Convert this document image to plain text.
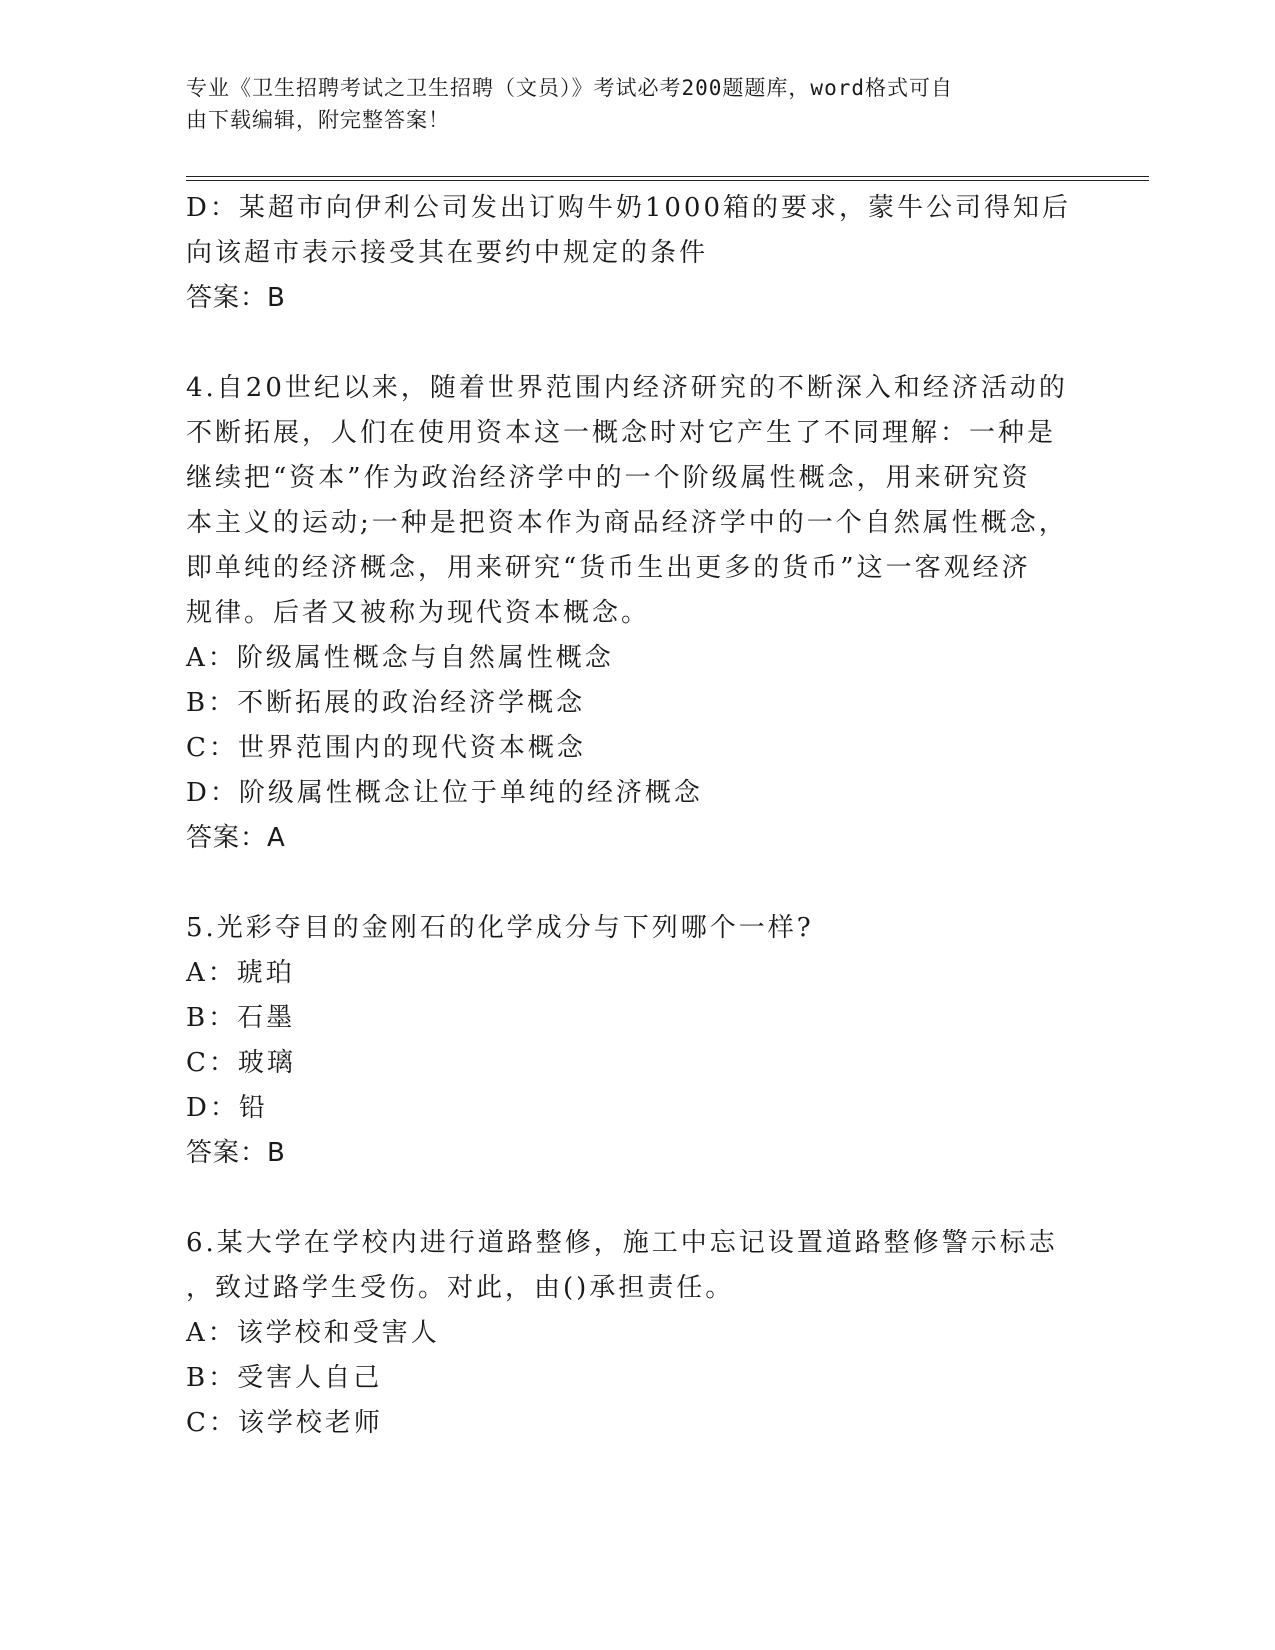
专业《卫生招聘考试之卫生招聘（文员）》考试必考200题题库，word格式可自
由下载编辑，附完整答案！
D：某超市向伊利公司发出订购牛奶1000箱的要求，蒙牛公司得知后
向该超市表示接受其在要约中规定的条件
答案：B
4.自20世纪以来，随着世界范围内经济研究的不断深入和经济活动的
不断拓展，人们在使用资本这一概念时对它产生了不同理解：一种是
继续把“资本”作为政治经济学中的一个阶级属性概念，用来研究资
本主义的运动;一种是把资本作为商品经济学中的一个自然属性概念，
即单纯的经济概念，用来研究“货币生出更多的货币”这一客观经济
规律。后者又被称为现代资本概念。
A：阶级属性概念与自然属性概念
B：不断拓展的政治经济学概念
C：世界范围内的现代资本概念
D：阶级属性概念让位于单纯的经济概念
答案：A
5.光彩夺目的金刚石的化学成分与下列哪个一样?
A：琥珀
B：石墨
C：玻璃
D：铅
答案：B
6.某大学在学校内进行道路整修，施工中忘记设置道路整修警示标志
，致过路学生受伤。对此，由()承担责任。
A：该学校和受害人
B：受害人自己
C：该学校老师
